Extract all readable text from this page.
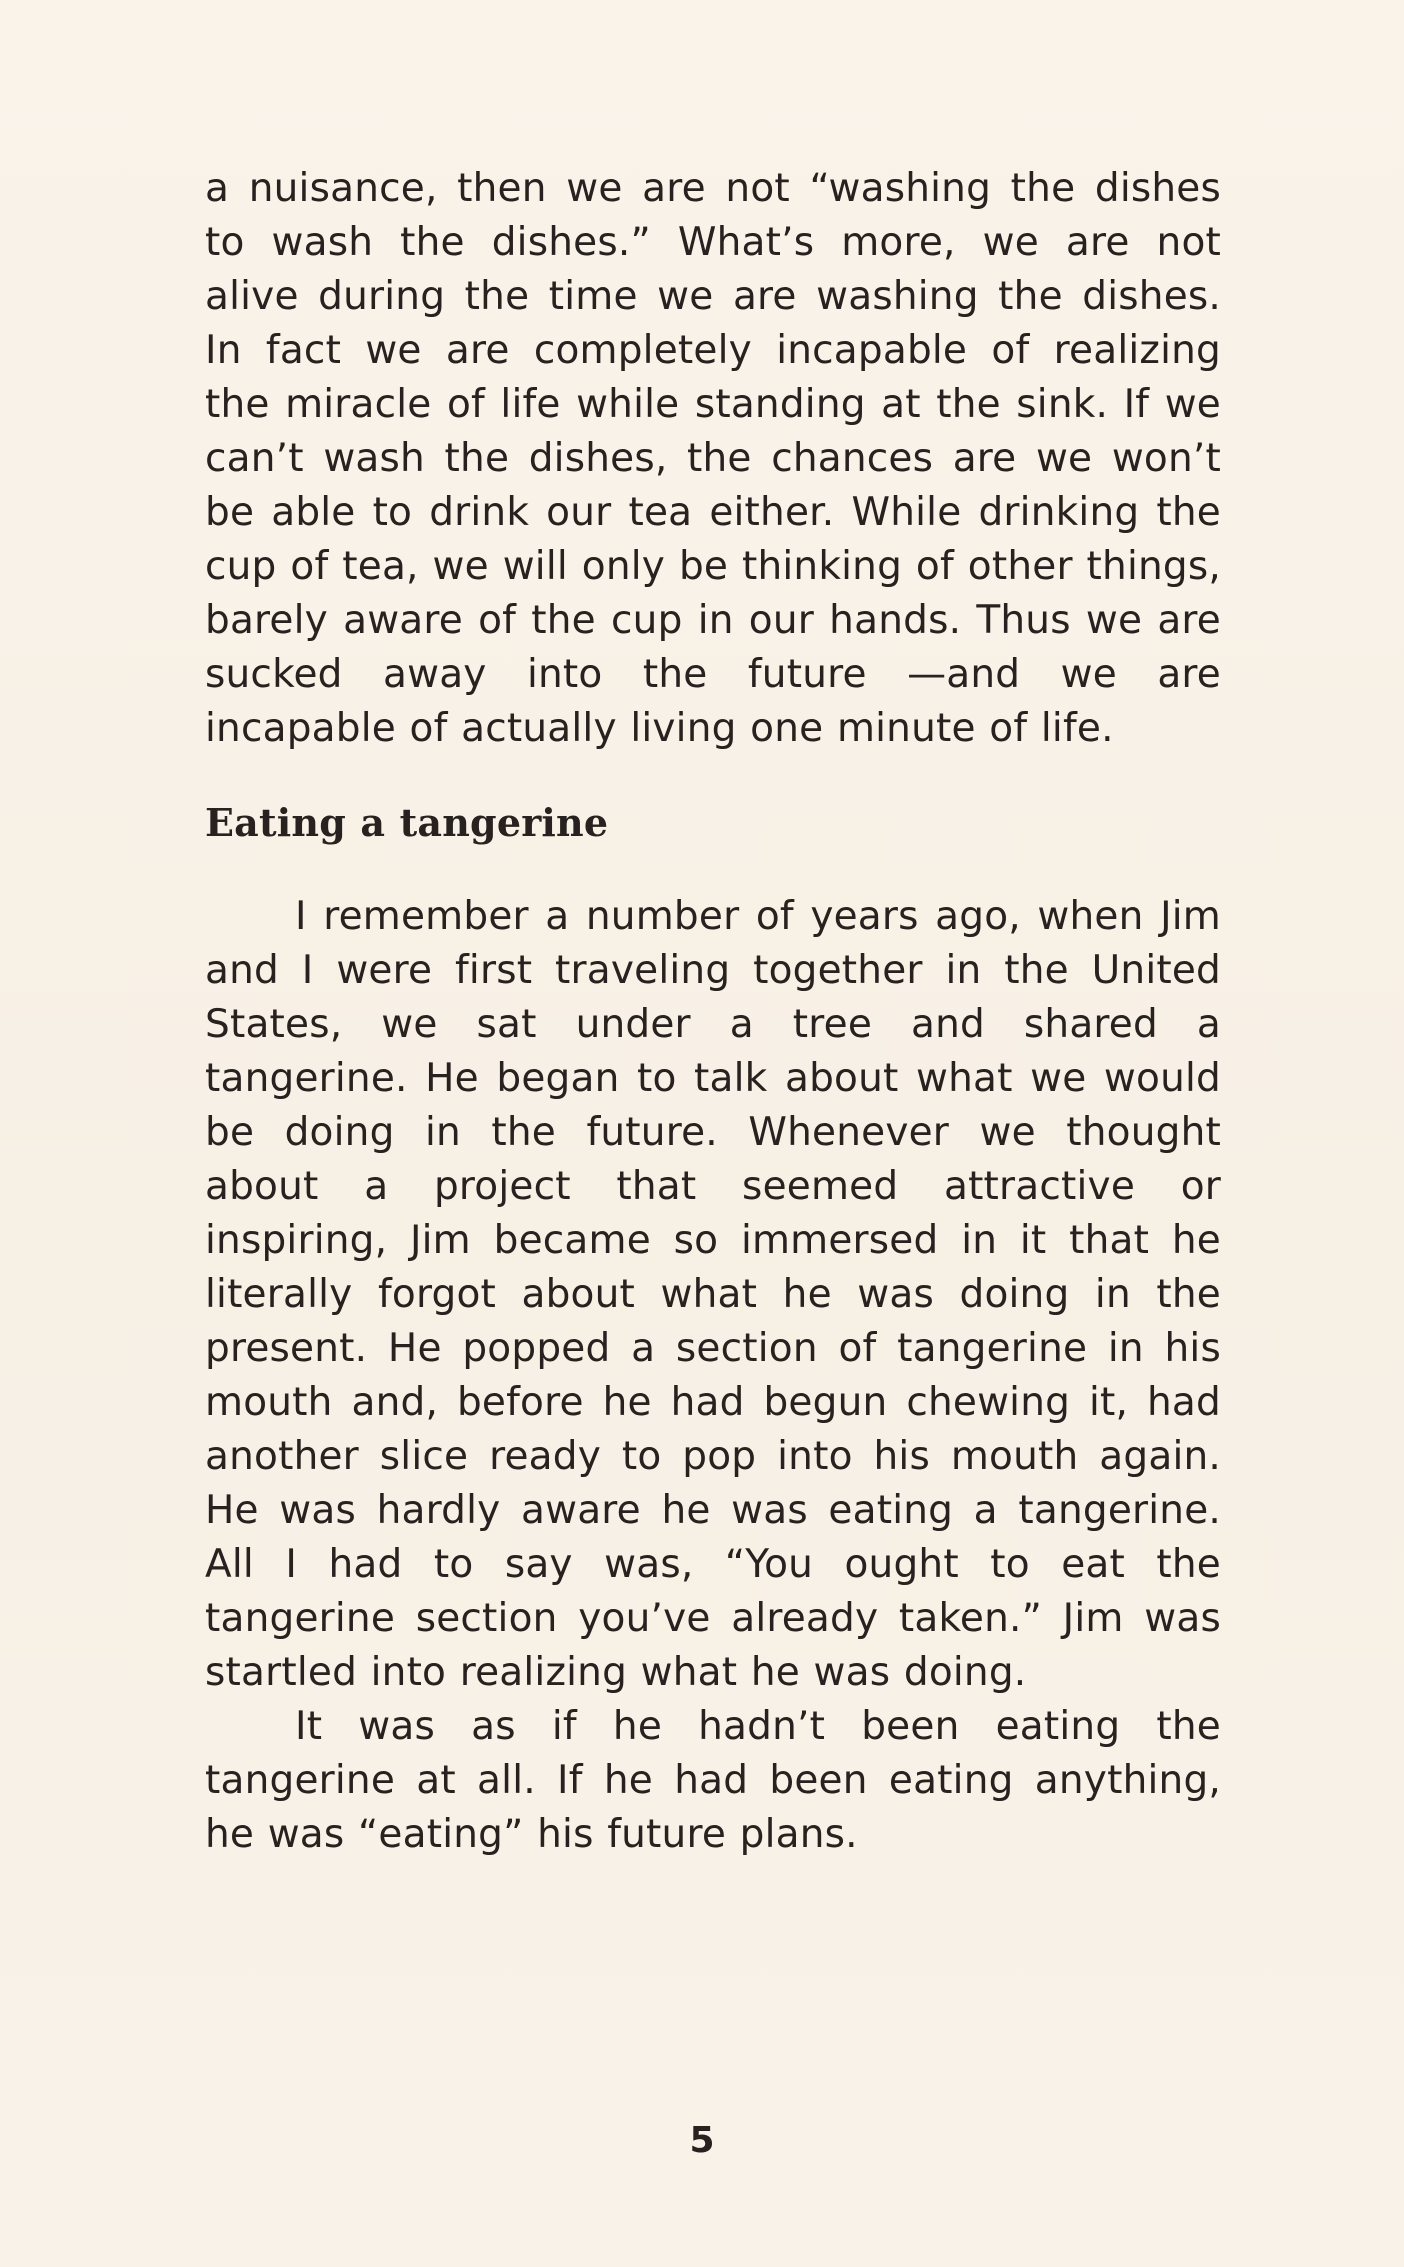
a nuisance, then we are not “washing the dishes to wash the dishes.” What’s more, we are not alive during the time we are washing the dishes. In fact we are completely incapable of realizing the miracle of life while standing at the sink. If we can’t wash the dishes, the chances are we won’t be able to drink our tea either. While drinking the cup of tea, we will only be thinking of other things, barely aware of the cup in our hands. Thus we are sucked away into the future —and we are incapable of actually living one minute of life.

Eating a tangerine

I remember a number of years ago, when Jim and I were first traveling together in the United States, we sat under a tree and shared a tangerine. He began to talk about what we would be doing in the future. Whenever we thought about a project that seemed attractive or inspiring, Jim became so immersed in it that he literally forgot about what he was doing in the present. He popped a section of tangerine in his mouth and, before he had begun chewing it, had another slice ready to pop into his mouth again. He was hardly aware he was eating a tangerine. All I had to say was, “You ought to eat the tangerine section you’ve already taken.” Jim was startled into realizing what he was doing.

It was as if he hadn’t been eating the tangerine at all. If he had been eating anything, he was “eating” his future plans.

5
